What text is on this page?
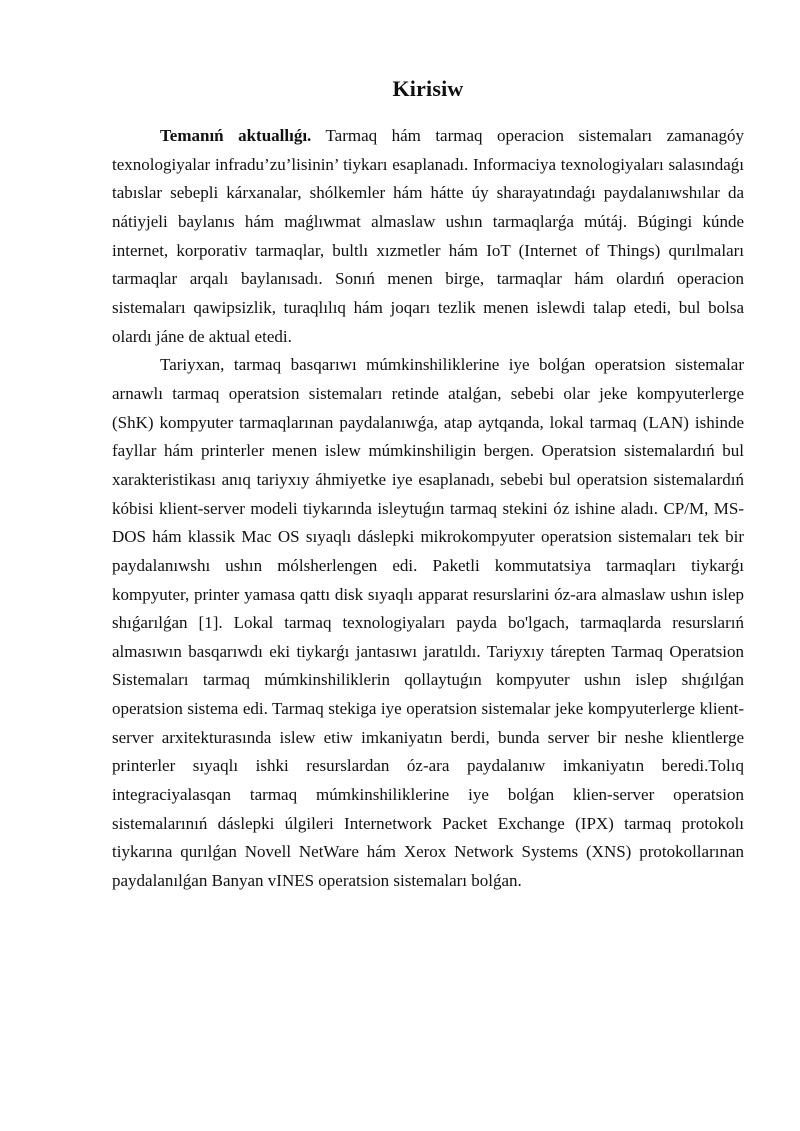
Kirisiw

Temanıń aktuallıǵı. Tarmaq hám tarmaq operacion sistemaları zamanagóy texnologiyalar infradu’zu’lisinin’ tiykarı esaplanadı. Informaciya texnologiyaları salasındaǵı tabıslar sebepli kárxanalar, shólkemler hám hátte úy sharayatındaǵı paydalanıwshılar da nátiyjeli baylanıs hám maǵlıwmat almaslaw ushın tarmaqlarǵa mútáj. Búgingi kúnde internet, korporativ tarmaqlar, bultlı xızmetler hám IoT (Internet of Things) qurılmaları tarmaqlar arqalı baylanısadı. Sonıń menen birge, tarmaqlar hám olardıń operacion sistemaları qawipsizlik, turaqlılıq hám joqarı tezlik menen islewdi talap etedi, bul bolsa olardı jáne de aktual etedi.

Tariyxan, tarmaq basqarıwı múmkinshiliklerine iye bolǵan operatsion sistemalar arnawlı tarmaq operatsion sistemaları retinde atalǵan, sebebi olar jeke kompyuterlerge (ShK) kompyuter tarmaqlarınan paydalanıwǵa, atap aytqanda, lokal tarmaq (LAN) ishinde fayllar hám printerler menen islew múmkinshiligin bergen. Operatsion sistemalardıń bul xarakteristikası anıq tariyxıy áhmiyetke iye esaplanadı, sebebi bul operatsion sistemalardıń kóbisi klient-server modeli tiykarında isleytuǵın tarmaq stekini óz ishine aladı. CP/M, MS-DOS hám klassik Mac OS sıyaqlı dáslepki mikrokompyuter operatsion sistemaları tek bir paydalanıwshı ushın mólsherlengen edi. Paketli kommutatsiya tarmaqları tiykarǵı kompyuter, printer yamasa qattı disk sıyaqlı apparat resurslarini óz-ara almaslaw ushın islep shıǵarılǵan [1]. Lokal tarmaq texnologiyaları payda bo'lgach, tarmaqlarda resurslarıń almasıwın basqarıwdı eki tiykarǵı jantasıwı jaratıldı. Tariyxıy tárepten Tarmaq Operatsion Sistemaları tarmaq múmkinshiliklerin qollaytuǵın kompyuter ushın islep shıǵılǵan operatsion sistema edi. Tarmaq stekiga iye operatsion sistemalar jeke kompyuterlerge klient-server arxitekturasında islew etiw imkaniyatın berdi, bunda server bir neshe klientlerge printerler sıyaqlı ishki resurslardan óz-ara paydalanıw imkaniyatın beredi.Tolıq integraciyalasqan tarmaq múmkinshiliklerine iye bolǵan klien-server operatsion sistemalarınıń dáslepki úlgileri Internetwork Packet Exchange (IPX) tarmaq protokolı tiykarına qurılǵan Novell NetWare hám Xerox Network Systems (XNS) protokollarınan paydalanılǵan Banyan vINES operatsion sistemaları bolǵan.
